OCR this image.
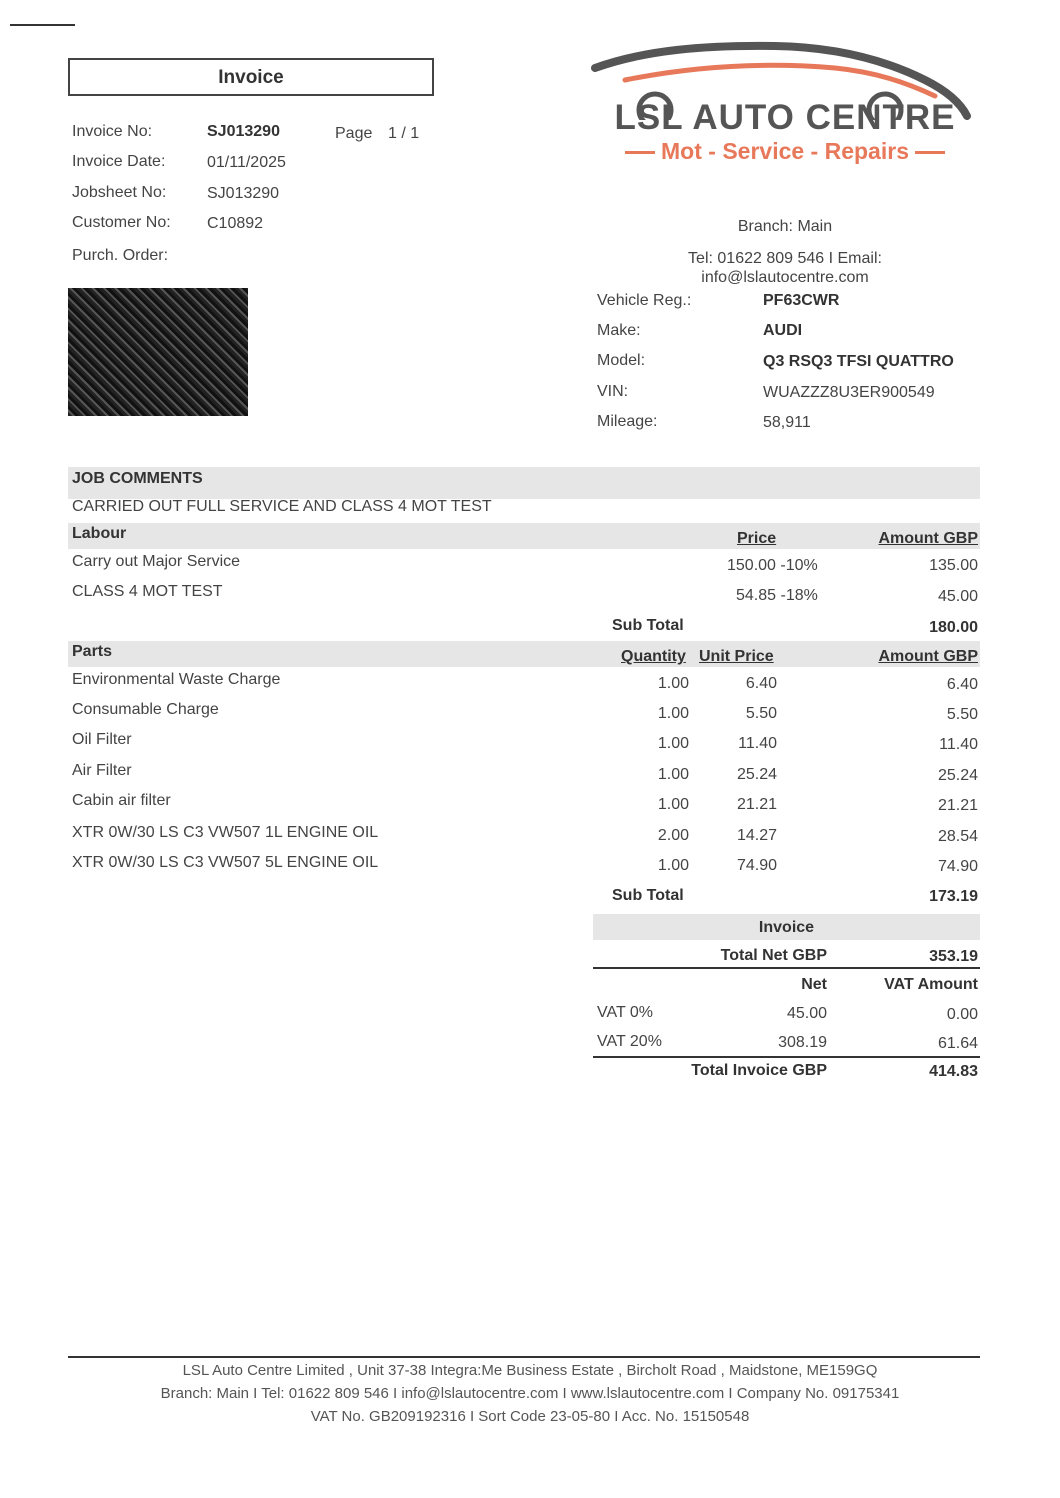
Invoice
Invoice No:	SJ013290	Page 1 / 1
Invoice Date:	01/11/2025
Jobsheet No:	SJ013290
Customer No: C10892
Purch. Order:
LSL AUTO CENTRE
Mot - Service - Repairs
Branch: Main
Tel: 01622 809 546 I Email:
info@lslautocentre.com
Vehicle Reg.:	PF63CWR
Make:	AUDI
Model:	Q3 RSQ3 TFSI QUATTRO
VIN:	WUAZZZ8U3ER900549
Mileage:	58,911
JOB COMMENTS
CARRIED OUT FULL SERVICE AND CLASS 4 MOT TEST
Labour	Price	Amount GBP
Carry out Major Service	150.00 -10%	135.00
CLASS 4 MOT TEST	54.85 -18%	45.00
Sub Total	180.00
Parts	Quantity Unit Price	Amount GBP
Environmental Waste Charge	1.00	6.40	6.40
Consumable Charge	1.00	5.50	5.50
Oil Filter	1.00	11.40	11.40
Air Filter	1.00	25.24	25.24
Cabin air filter	1.00	21.21	21.21
XTR 0W/30 LS C3 VW507 1L ENGINE OIL	2.00	14.27	28.54
XTR 0W/30 LS C3 VW507 5L ENGINE OIL	1.00	74.90	74.90
Sub Total	173.19
Invoice
Total Net GBP	353.19
Net	VAT Amount
VAT 0%	45.00	0.00
VAT 20%	308.19	61.64
Total Invoice GBP	414.83
LSL Auto Centre Limited , Unit 37-38 Integra:Me Business Estate , Bircholt Road , Maidstone, ME159GQ
Branch: Main I Tel: 01622 809 546 I info@lslautocentre.com I www.lslautocentre.com I Company No. 09175341
VAT No. GB209192316 I Sort Code 23-05-80 I Acc. No. 15150548
